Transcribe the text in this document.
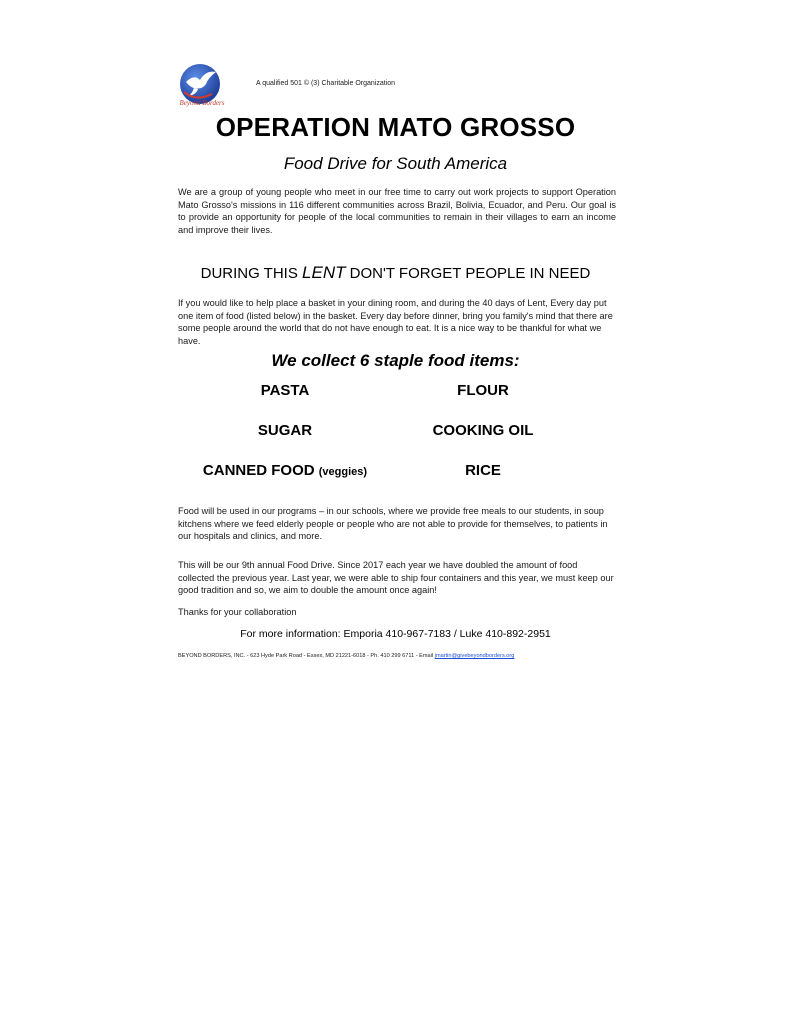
Beyond Borders
A qualified 501 © (3) Charitable Organization
OPERATION MATO GROSSO
Food Drive for South America
We are a group of young people who meet in our free time to carry out work projects to support Operation Mato Grosso's missions in 116 different communities across Brazil, Bolivia, Ecuador, and Peru. Our goal is to provide an opportunity for people of the local communities to remain in their villages to earn an income and improve their lives.
DURING THIS LENT DON'T FORGET PEOPLE IN NEED
If you would like to help place a basket in your dining room, and during the 40 days of Lent, Every day put one item of food (listed below) in the basket. Every day before dinner, bring you family's mind that there are some people around the world that do not have enough to eat. It is a nice way to be thankful for what we have.
We collect 6 staple food items:
PASTA	FLOUR
SUGAR	COOKING OIL
CANNED FOOD (veggies)	RICE
Food will be used in our programs – in our schools, where we provide free meals to our students, in soup kitchens where we feed elderly people or people who are not able to provide for themselves, to patients in our hospitals and clinics, and more.
This will be our 9th annual Food Drive. Since 2017 each year we have doubled the amount of food collected the previous year. Last year, we were able to ship four containers and this year, we must keep our good tradition and so, we aim to double the amount once again!
Thanks for your collaboration
For more information: Emporia 410-967-7183 / Luke 410-892-2951
BEYOND BORDERS, INC. - 623 Hyde Park Road - Essex, MD 21221-6018 - Ph. 410 299 6711 - Email jmartin@givebeyondborders.org
